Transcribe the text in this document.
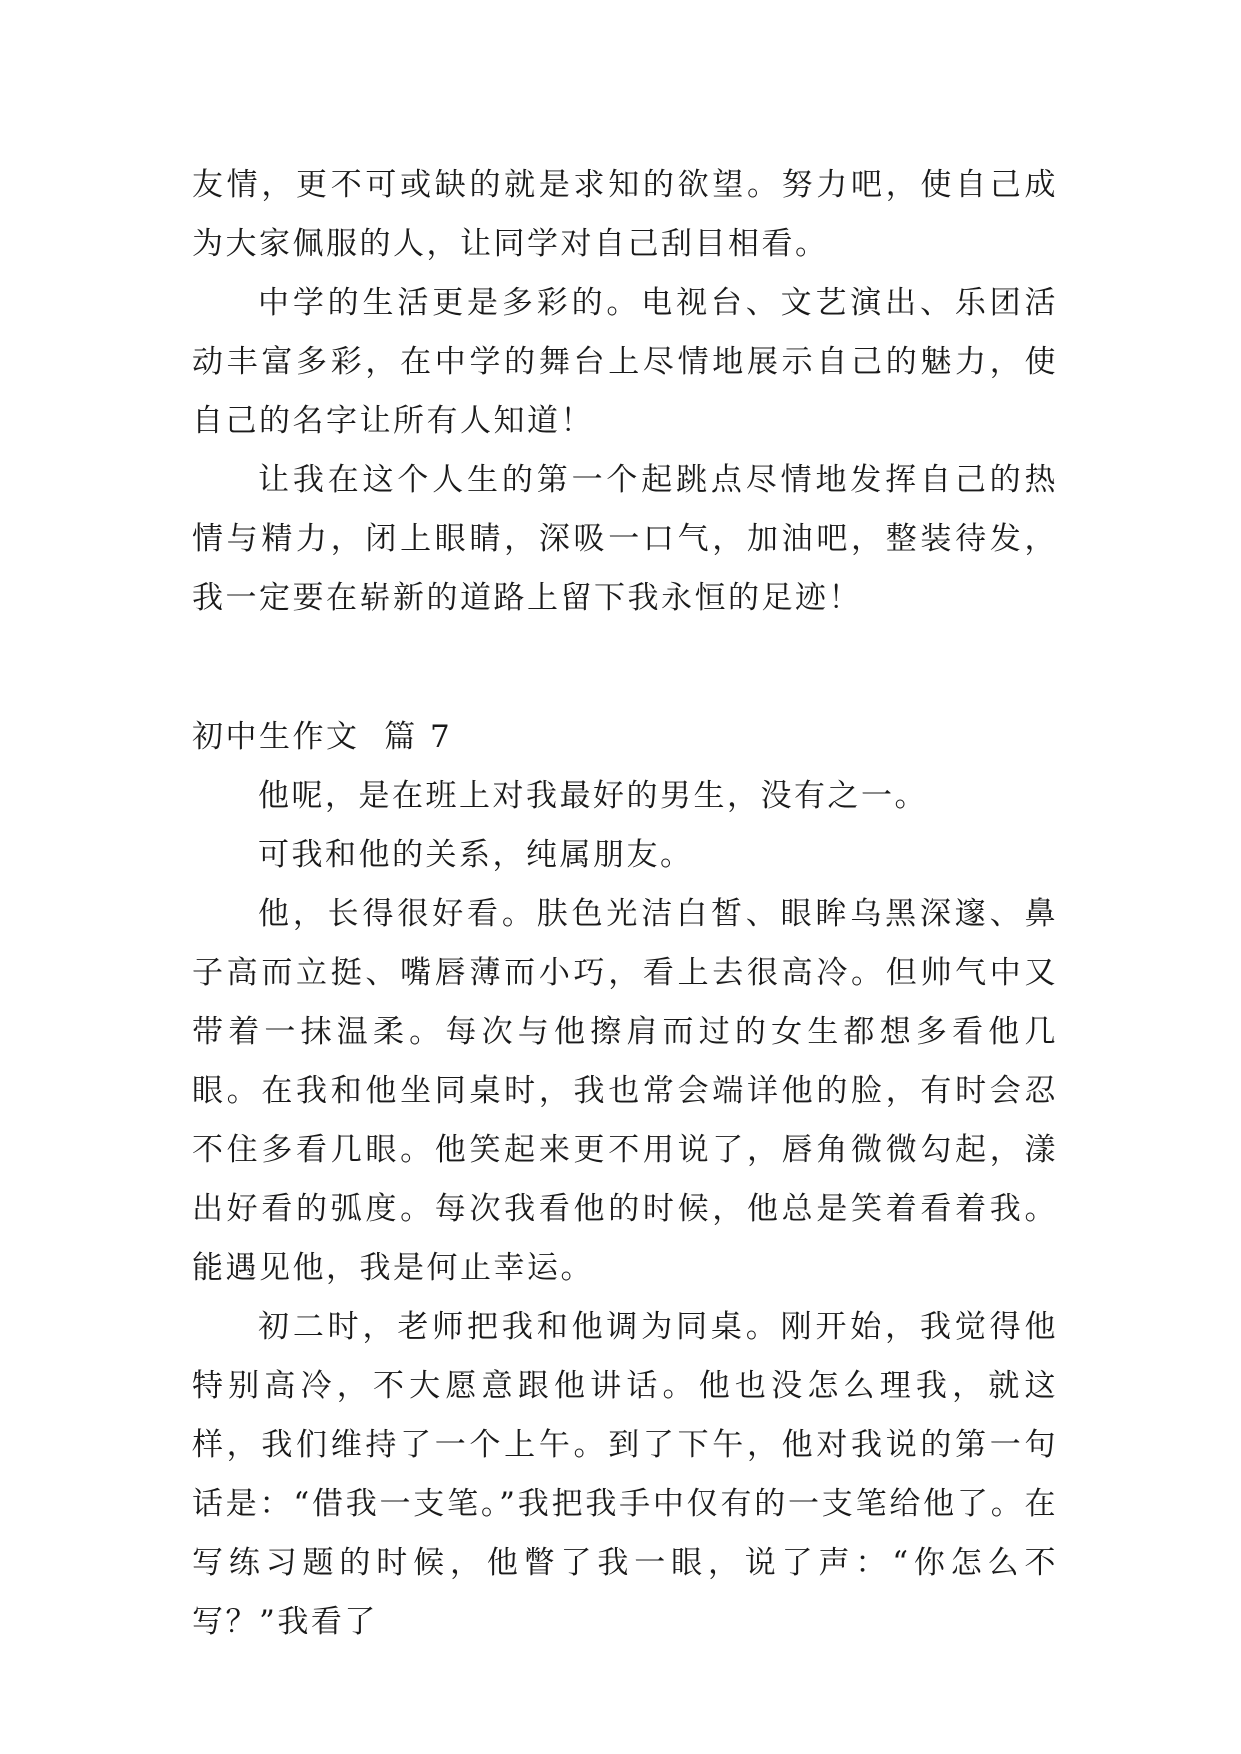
友情，更不可或缺的就是求知的欲望。努力吧，使自己成为大家佩服的人，让同学对自己刮目相看。

中学的生活更是多彩的。电视台、文艺演出、乐团活动丰富多彩，在中学的舞台上尽情地展示自己的魅力，使自己的名字让所有人知道！

让我在这个人生的第一个起跳点尽情地发挥自己的热情与精力，闭上眼睛，深吸一口气，加油吧，整装待发，我一定要在崭新的道路上留下我永恒的足迹！

初中生作文  篇 7

他呢，是在班上对我最好的男生，没有之一。

可我和他的关系，纯属朋友。

他，长得很好看。肤色光洁白皙、眼眸乌黑深邃、鼻子高而立挺、嘴唇薄而小巧，看上去很高冷。但帅气中又带着一抹温柔。每次与他擦肩而过的女生都想多看他几眼。在我和他坐同桌时，我也常会端详他的脸，有时会忍不住多看几眼。他笑起来更不用说了，唇角微微勾起，漾出好看的弧度。每次我看他的时候，他总是笑着看着我。能遇见他，我是何止幸运。

初二时，老师把我和他调为同桌。刚开始，我觉得他特别高冷，不大愿意跟他讲话。他也没怎么理我，就这样，我们维持了一个上午。到了下午，他对我说的第一句话是：“借我一支笔。”我把我手中仅有的一支笔给他了。在写练习题的时候，他瞥了我一眼，说了声：“你怎么不写？”我看了
